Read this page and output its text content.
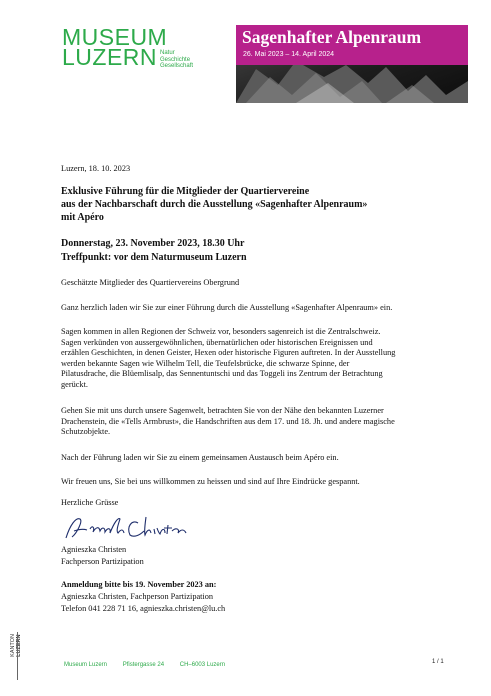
MUSEUM
LUZERN Natur
Geschichte
Gesellschaft
Sagenhafter Alpenraum
26. Mai 2023 – 14. April 2024
Wir sind
MUSEUM
LUZERN
Luzern, 18. 10. 2023
Exklusive Führung für die Mitglieder der Quartiervereine
aus der Nachbarschaft durch die Ausstellung «Sagenhafter Alpenraum»
mit Apéro
Donnerstag, 23. November 2023, 18.30 Uhr
Treffpunkt: vor dem Naturmuseum Luzern
Geschätzte Mitglieder des Quartiervereins Obergrund
Ganz herzlich laden wir Sie zur einer Führung durch die Ausstellung «Sagenhafter Alpenraum» ein.
Sagen kommen in allen Regionen der Schweiz vor, besonders sagenreich ist die Zentralschweiz.
Sagen verkünden von aussergewöhnlichen, übernatürlichen oder historischen Ereignissen und
erzählen Geschichten, in denen Geister, Hexen oder historische Figuren auftreten. In der Ausstellung
werden bekannte Sagen wie Wilhelm Tell, die Teufelsbrücke, die schwarze Spinne, der
Pilatusdrache, die Blüemlisalp, das Sennentuntschi und das Toggeli ins Zentrum der Betrachtung
gerückt.
Gehen Sie mit uns durch unsere Sagenwelt, betrachten Sie von der Nähe den bekannten Luzerner
Drachenstein, die «Tells Armbrust», die Handschriften aus dem 17. und 18. Jh. und andere magische
Schutzobjekte.
Nach der Führung laden wir Sie zu einem gemeinsamen Austausch beim Apéro ein.
Wir freuen uns, Sie bei uns willkommen zu heissen und sind auf Ihre Eindrücke gespannt.
Herzliche Grüsse
Agnieszka Christen
Fachperson Partizipation
Anmeldung bitte bis 19. November 2023 an:
Agnieszka Christen, Fachperson Partizipation
Telefon 041 228 71 16, agnieszka.christen@lu.ch
KANTON LUZERN
Museum Luzern	Pfistergasse 24	CH–6003 Luzern	1 / 1
